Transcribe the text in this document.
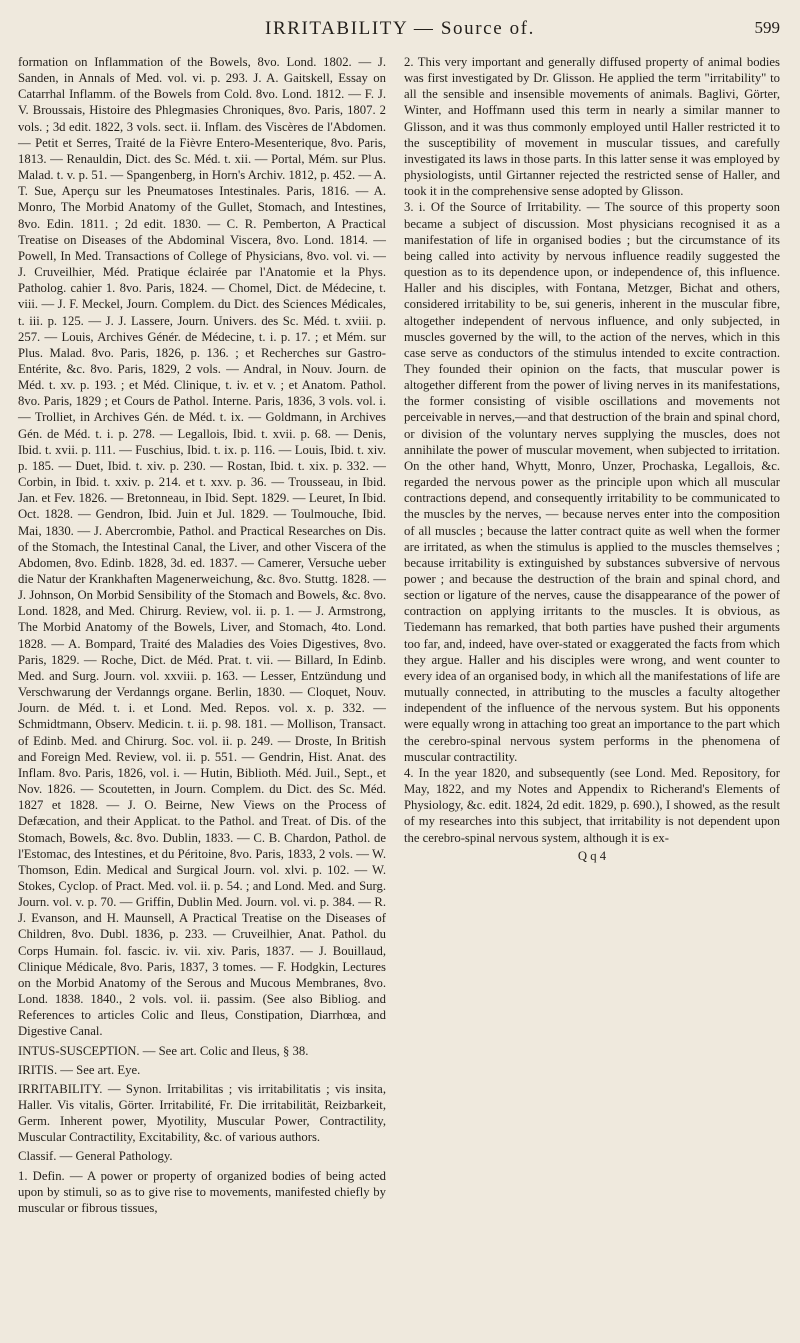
IRRITABILITY — Source of.	599

formation on Inflammation of the Bowels, 8vo. Lond. 1802. — J. Sanden, in Annals of Med. vol. vi. p. 293. J. A. Gaitskell, Essay on Catarrhal Inflamm. of the Bowels from Cold. 8vo. Lond. 1812. — F. J. V. Broussais, Histoire des Phlegmasies Chroniques, 8vo. Paris, 1807. 2 vols. ; 3d edit. 1822, 3 vols. sect. ii. Inflam. des Viscères de l'Abdomen. — Petit et Serres, Traité de la Fièvre Entero-Mesenterique, 8vo. Paris, 1813. — Renauldin, Dict. des Sc. Méd. t. xii. — Portal, Mém. sur Plus. Malad. t. v. p. 51. — Spangenberg, in Horn's Archiv. 1812, p. 452. — A. T. Sue, Aperçu sur les Pneumatoses Intestinales. Paris, 1816. — A. Monro, The Morbid Anatomy of the Gullet, Stomach, and Intestines, 8vo. Edin. 1811. ; 2d edit. 1830. — C. R. Pemberton, A Practical Treatise on Diseases of the Abdominal Viscera, 8vo. Lond. 1814. — Powell, In Med. Transactions of College of Physicians, 8vo. vol. vi. — J. Cruveilhier, Méd. Pratique éclairée par l'Anatomie et la Phys. Patholog. cahier 1. 8vo. Paris, 1824. — Chomel, Dict. de Médecine, t. viii. — J. F. Meckel, Journ. Complem. du Dict. des Sciences Médicales, t. iii. p. 125. — J. J. Lassere, Journ. Univers. des Sc. Méd. t. xviii. p. 257. — Louis, Archives Génér. de Médecine, t. i. p. 17. ; et Mém. sur Plus. Malad. 8vo. Paris, 1826, p. 136. ; et Recherches sur Gastro-Entérite, &c. 8vo. Paris, 1829, 2 vols. — Andral, in Nouv. Journ. de Méd. t. xv. p. 193. ; et Méd. Clinique, t. iv. et v. ; et Anatom. Pathol. 8vo. Paris, 1829 ; et Cours de Pathol. Interne. Paris, 1836, 3 vols. vol. i. — Trolliet, in Archives Gén. de Méd. t. ix. — Goldmann, in Archives Gén. de Méd. t. i. p. 278. — Legallois, Ibid. t. xvii. p. 68. — Denis, Ibid. t. xvii. p. 111. — Fuschius, Ibid. t. ix. p. 116. — Louis, Ibid. t. xiv. p. 185. — Duet, Ibid. t. xiv. p. 230. — Rostan, Ibid. t. xix. p. 332. — Corbin, in Ibid. t. xxiv. p. 214. et t. xxv. p. 36. — Trousseau, in Ibid. Jan. et Fev. 1826. — Bretonneau, in Ibid. Sept. 1829. — Leuret, In Ibid. Oct. 1828. — Gendron, Ibid. Juin et Jul. 1829. — Toulmouche, Ibid. Mai, 1830. — J. Abercrombie, Pathol. and Practical Researches on Dis. of the Stomach, the Intestinal Canal, the Liver, and other Viscera of the Abdomen, 8vo. Edinb. 1828, 3d. ed. 1837. — Camerer, Versuche ueber die Natur der Krankhaften Magenerweichung, &c. 8vo. Stuttg. 1828. — J. Johnson, On Morbid Sensibility of the Stomach and Bowels, &c. 8vo. Lond. 1828, and Med. Chirurg. Review, vol. ii. p. 1. — J. Armstrong, The Morbid Anatomy of the Bowels, Liver, and Stomach, 4to. Lond. 1828. — A. Bompard, Traité des Maladies des Voies Digestives, 8vo. Paris, 1829. — Roche, Dict. de Méd. Prat. t. vii. — Billard, In Edinb. Med. and Surg. Journ. vol. xxviii. p. 163. — Lesser, Entzündung und Verschwarung der Verdanngs organe. Berlin, 1830. — Cloquet, Nouv. Journ. de Méd. t. i. et Lond. Med. Repos. vol. x. p. 332. — Schmidtmann, Observ. Medicin. t. ii. p. 98. 181. — Mollison, Transact. of Edinb. Med. and Chirurg. Soc. vol. ii. p. 249. — Droste, In British and Foreign Med. Review, vol. ii. p. 551. — Gendrin, Hist. Anat. des Inflam. 8vo. Paris, 1826, vol. i. — Hutin, Biblioth. Méd. Juil., Sept., et Nov. 1826. — Scoutetten, in Journ. Complem. du Dict. des Sc. Méd. 1827 et 1828. — J. O. Beirne, New Views on the Process of Defæcation, and their Applicat. to the Pathol. and Treat. of Dis. of the Stomach, Bowels, &c. 8vo. Dublin, 1833. — C. B. Chardon, Pathol. de l'Estomac, des Intestines, et du Péritoine, 8vo. Paris, 1833, 2 vols. — W. Thomson, Edin. Medical and Surgical Journ. vol. xlvi. p. 102. — W. Stokes, Cyclop. of Pract. Med. vol. ii. p. 54. ; and Lond. Med. and Surg. Journ. vol. v. p. 70. — Griffin, Dublin Med. Journ. vol. vi. p. 384. — R. J. Evanson, and H. Maunsell, A Practical Treatise on the Diseases of Children, 8vo. Dubl. 1836, p. 233. — Cruveilhier, Anat. Pathol. du Corps Humain. fol. fascic. iv. vii. xiv. Paris, 1837. — J. Bouillaud, Clinique Médicale, 8vo. Paris, 1837, 3 tomes. — F. Hodgkin, Lectures on the Morbid Anatomy of the Serous and Mucous Membranes, 8vo. Lond. 1838. 1840., 2 vols. vol. ii. passim. (See also Bibliog. and References to articles Colic and Ileus, Constipation, Diarrhœa, and Digestive Canal.

INTUS-SUSCEPTION. — See art. Colic and Ileus, § 38.

IRITIS. — See art. Eye.

IRRITABILITY. — Synon. Irritabilitas ; vis irritabilitatis ; vis insita, Haller. Vis vitalis, Görter. Irritabilité, Fr. Die irritabilität, Reizbarkeit, Germ. Inherent power, Myotility, Muscular Power, Contractility, Muscular Contractility, Excitability, &c. of various authors.

Classif. — General Pathology.

1. Defin. — A power or property of organized bodies of being acted upon by stimuli, so as to give rise to movements, manifested chiefly by muscular or fibrous tissues,

2. This very important and generally diffused property of animal bodies was first investigated by Dr. Glisson. He applied the term "irritability" to all the sensible and insensible movements of animals. Baglivi, Görter, Winter, and Hoffmann used this term in nearly a similar manner to Glisson, and it was thus commonly employed until Haller restricted it to the susceptibility of movement in muscular tissues, and carefully investigated its laws in those parts. In this latter sense it was employed by physiologists, until Girtanner rejected the restricted sense of Haller, and took it in the comprehensive sense adopted by Glisson.

3. i. Of the Source of Irritability. — The source of this property soon became a subject of discussion. Most physicians recognised it as a manifestation of life in organised bodies ; but the circumstance of its being called into activity by nervous influence readily suggested the question as to its dependence upon, or independence of, this influence. Haller and his disciples, with Fontana, Metzger, Bichat and others, considered irritability to be, sui generis, inherent in the muscular fibre, altogether independent of nervous influence, and only subjected, in muscles governed by the will, to the action of the nerves, which in this case serve as conductors of the stimulus intended to excite contraction. They founded their opinion on the facts, that muscular power is altogether different from the power of living nerves in its manifestations, the former consisting of visible oscillations and movements not perceivable in nerves,—and that destruction of the brain and spinal chord, or division of the voluntary nerves supplying the muscles, does not annihilate the power of muscular movement, when subjected to irritation. On the other hand, Whytt, Monro, Unzer, Prochaska, Legallois, &c. regarded the nervous power as the principle upon which all muscular contractions depend, and consequently irritability to be communicated to the muscles by the nerves, — because nerves enter into the composition of all muscles ; because the latter contract quite as well when the former are irritated, as when the stimulus is applied to the muscles themselves ; because irritability is extinguished by substances subversive of nervous power ; and because the destruction of the brain and spinal chord, and section or ligature of the nerves, cause the disappearance of the power of contraction on applying irritants to the muscles. It is obvious, as Tiedemann has remarked, that both parties have pushed their arguments too far, and, indeed, have over-stated or exaggerated the facts from which they argue. Haller and his disciples were wrong, and went counter to every idea of an organised body, in which all the manifestations of life are mutually connected, in attributing to the muscles a faculty altogether independent of the influence of the nervous system. But his opponents were equally wrong in attaching too great an importance to the part which the cerebro-spinal nervous system performs in the phenomena of muscular contractility.

4. In the year 1820, and subsequently (see Lond. Med. Repository, for May, 1822, and my Notes and Appendix to Richerand's Elements of Physiology, &c. edit. 1824, 2d edit. 1829, p. 690.), I showed, as the result of my researches into this subject, that irritability is not dependent upon the cerebro-spinal nervous system, although it is ex-

Q q 4
